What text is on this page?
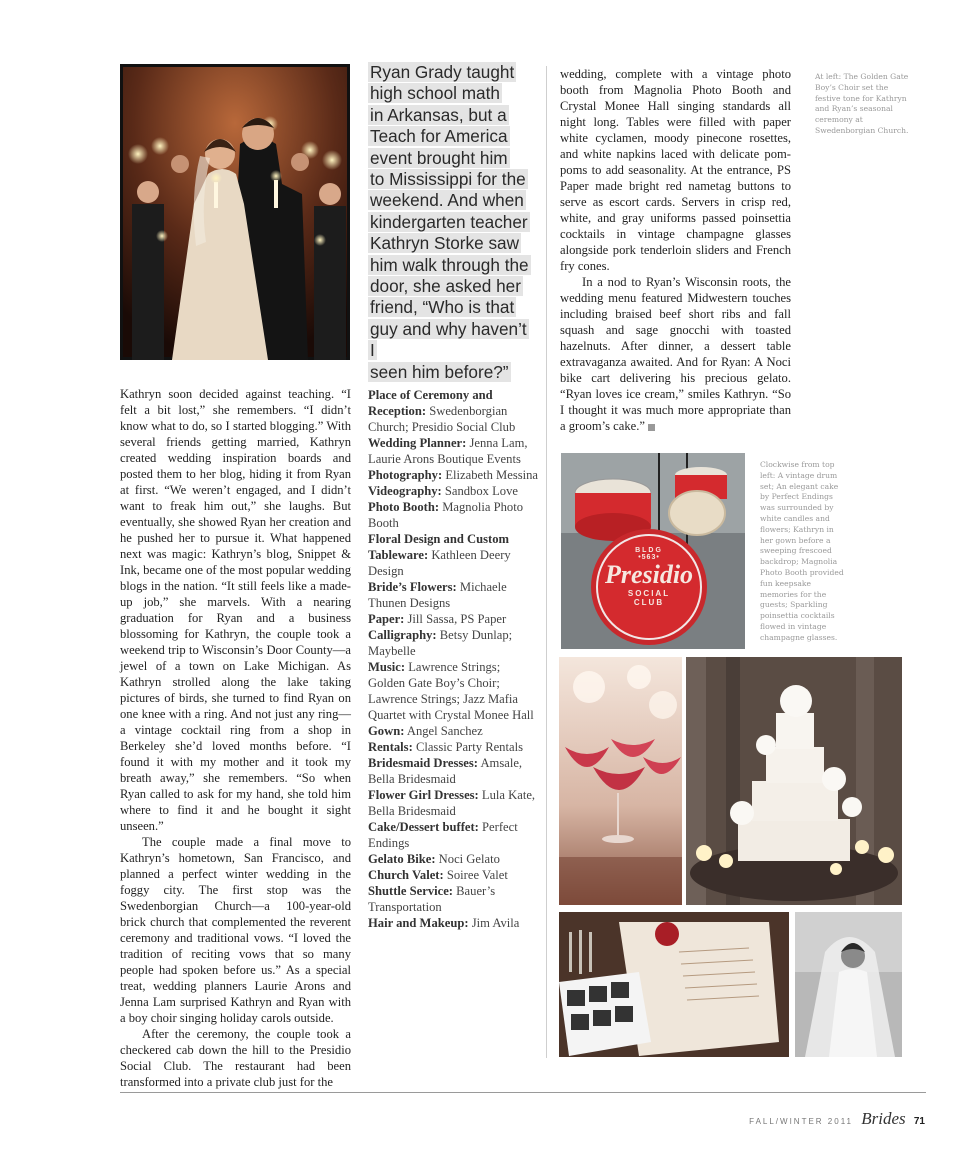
Ryan Grady taught
high school math
in Arkansas, but a
Teach for America
event brought him
to Mississippi for the
weekend. And when
kindergarten teacher
Kathryn Storke saw
him walk through the
door, she asked her
friend, “Who is that
guy and why haven’t I
seen him before?”

Kathryn soon decided against teaching. “I felt a bit lost,” she remembers. “I didn’t know what to do, so I started blogging.” With several friends getting married, Kathryn created wedding inspiration boards and posted them to her blog, hiding it from Ryan at first. “We weren’t engaged, and I didn’t want to freak him out,” she laughs. But eventually, she showed Ryan her creation and he pushed her to pursue it. What happened next was magic: Kathryn’s blog, Snippet & Ink, became one of the most popular wedding blogs in the nation. “It still feels like a made-up job,” she marvels. With a nearing graduation for Ryan and a business blossoming for Kathryn, the couple took a weekend trip to Wisconsin’s Door County—a jewel of a town on Lake Michigan. As Kathryn strolled along the lake taking pictures of birds, she turned to find Ryan on one knee with a ring. And not just any ring—a vintage cocktail ring from a shop in Berkeley she’d loved months before. “I found it with my mother and it took my breath away,” she remembers. “So when Ryan called to ask for my hand, she told him where to find it and he bought it sight unseen.”

The couple made a final move to Kathryn’s hometown, San Francisco, and planned a perfect winter wedding in the foggy city. The first stop was the Swedenborgian Church—a 100-year-old brick church that complemented the reverent ceremony and traditional vows. “I loved the tradition of reciting vows that so many people had spoken before us.” As a special treat, wedding planners Laurie Arons and Jenna Lam surprised Kathryn and Ryan with a boy choir singing holiday carols outside.

After the ceremony, the couple took a checkered cab down the hill to the Presidio Social Club. The restaurant had been transformed into a private club just for the

Place of Ceremony and Reception: Swedenborgian Church; Presidio Social Club
Wedding Planner: Jenna Lam, Laurie Arons Boutique Events
Photography: Elizabeth Messina
Videography: Sandbox Love
Photo Booth: Magnolia Photo Booth
Floral Design and Custom Tableware: Kathleen Deery Design
Bride’s Flowers: Michaele Thunen Designs
Paper: Jill Sassa, PS Paper
Calligraphy: Betsy Dunlap; Maybelle
Music: Lawrence Strings; Golden Gate Boy’s Choir; Lawrence Strings; Jazz Mafia Quartet with Crystal Monee Hall
Gown: Angel Sanchez
Rentals: Classic Party Rentals
Bridesmaid Dresses: Amsale, Bella Bridesmaid
Flower Girl Dresses: Lula Kate, Bella Bridesmaid
Cake/Dessert buffet: Perfect Endings
Gelato Bike: Noci Gelato
Church Valet: Soiree Valet
Shuttle Service: Bauer’s Transportation
Hair and Makeup: Jim Avila

wedding, complete with a vintage photo booth from Magnolia Photo Booth and Crystal Monee Hall singing standards all night long. Tables were filled with paper white cyclamen, moody pinecone rosettes, and white napkins laced with delicate pom-poms to add seasonality. At the entrance, PS Paper made bright red nametag buttons to serve as escort cards. Servers in crisp red, white, and gray uniforms passed poinsettia cocktails in vintage champagne glasses alongside pork tenderloin sliders and French fry cones.

In a nod to Ryan’s Wisconsin roots, the wedding menu featured Midwestern touches including braised beef short ribs and fall squash and sage gnocchi with toasted hazelnuts. After dinner, a dessert table extravaganza awaited. And for Ryan: A Noci bike cart delivering his precious gelato. “Ryan loves ice cream,” smiles Kathryn. “So I thought it was much more appropriate than a groom’s cake.”

At left: The Golden Gate Boy’s Choir set the festive tone for Kathryn and Ryan’s seasonal ceremony at Swedenborgian Church.
Clockwise from top left: A vintage drum set; An elegant cake by Perfect Endings was surrounded by white candles and flowers; Kathryn in her gown before a sweeping frescoed backdrop; Magnolia Photo Booth provided fun keepsake memories for the guests; Sparkling poinsettia cocktails flowed in vintage champagne glasses.
BLDG
•563•
Presidio
SOCIAL
CLUB
FALL/WINTER 2011 Brides 71
